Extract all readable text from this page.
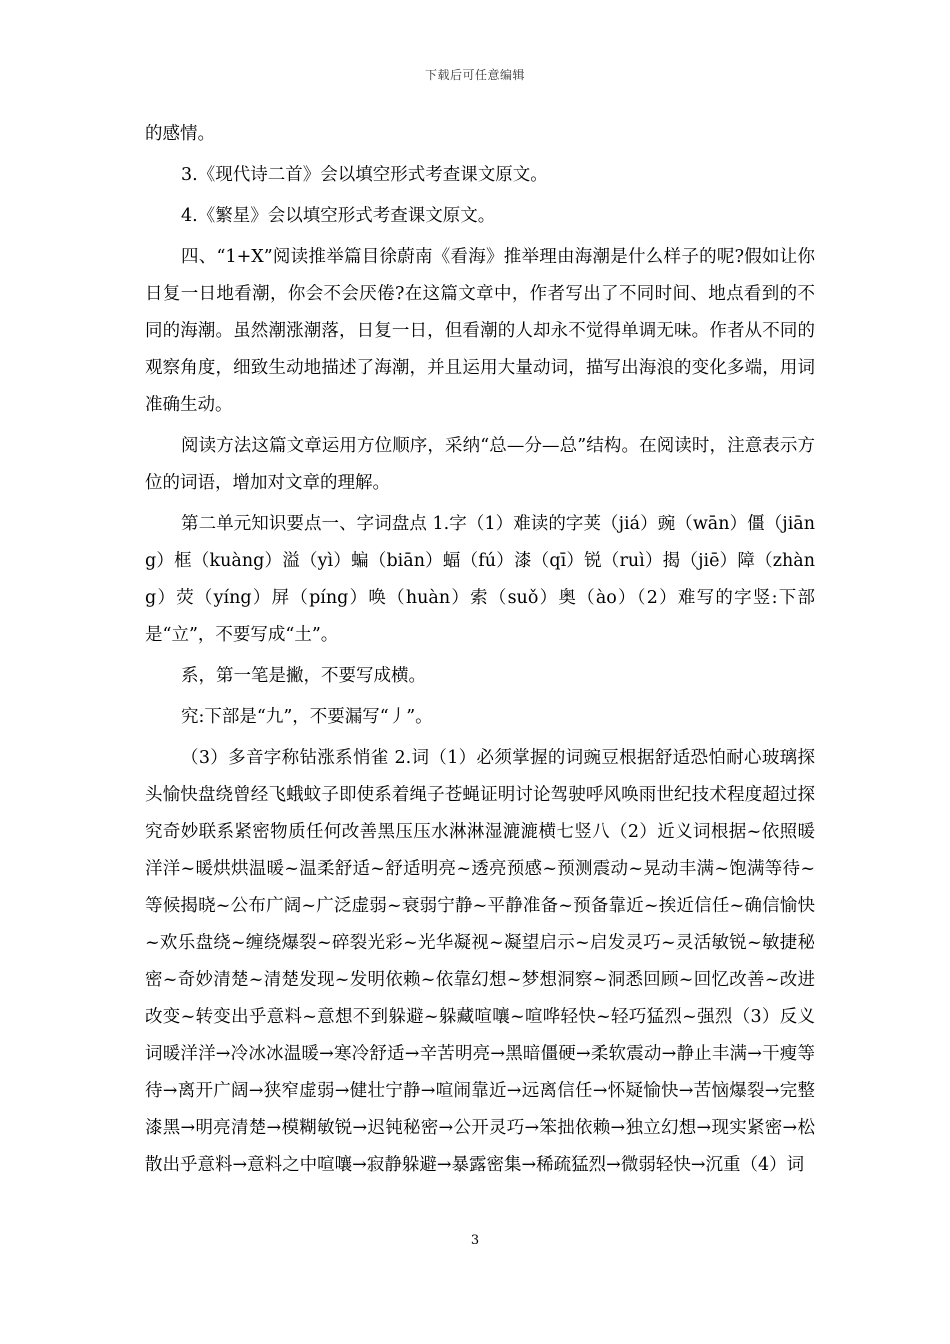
下载后可任意编辑

的感情。

3.《现代诗二首》会以填空形式考查课文原文。

4.《繁星》会以填空形式考查课文原文。

四、“1+X”阅读推举篇目徐蔚南《看海》推举理由海潮是什么样子的呢?假如让你日复一日地看潮，你会不会厌倦?在这篇文章中，作者写出了不同时间、地点看到的不同的海潮。虽然潮涨潮落，日复一日，但看潮的人却永不觉得单调无味。作者从不同的观察角度，细致生动地描述了海潮，并且运用大量动词，描写出海浪的变化多端，用词准确生动。

阅读方法这篇文章运用方位顺序，采纳“总—分—总”结构。在阅读时，注意表示方位的词语，增加对文章的理解。

第二单元知识要点一、字词盘点 1.字（1）难读的字荚（jiá）豌（wān）僵（jiāng）框（kuàng）溢（yì）蝙（biān）蝠（fú）漆（qī）锐（ruì）揭（jiē）障（zhàng）荧（yíng）屏（píng）唤（huàn）索（suǒ）奥（ào）（2）难写的字竖:下部是“立”，不要写成“土”。

系，第一笔是撇，不要写成横。

究:下部是“九”，不要漏写“丿”。

（3）多音字称钻涨系悄雀 2.词（1）必须掌握的词豌豆根据舒适恐怕耐心玻璃探头愉快盘绕曾经飞蛾蚊子即使系着绳子苍蝇证明讨论驾驶呼风唤雨世纪技术程度超过探究奇妙联系紧密物质任何改善黑压压水淋淋湿漉漉横七竖八（2）近义词根据~依照暖洋洋~暖烘烘温暖~温柔舒适~舒适明亮~透亮预感~预测震动~晃动丰满~饱满等待~等候揭晓~公布广阔~广泛虚弱~衰弱宁静~平静准备~预备靠近~挨近信任~确信愉快~欢乐盘绕~缠绕爆裂~碎裂光彩~光华凝视~凝望启示~启发灵巧~灵活敏锐~敏捷秘密~奇妙清楚~清楚发现~发明依赖~依靠幻想~梦想洞察~洞悉回顾~回忆改善~改进改变~转变出乎意料~意想不到躲避~躲藏喧嚷~喧哗轻快~轻巧猛烈~强烈（3）反义词暖洋洋→冷冰冰温暖→寒冷舒适→辛苦明亮→黑暗僵硬→柔软震动→静止丰满→干瘦等待→离开广阔→狭窄虚弱→健壮宁静→喧闹靠近→远离信任→怀疑愉快→苦恼爆裂→完整漆黑→明亮清楚→模糊敏锐→迟钝秘密→公开灵巧→笨拙依赖→独立幻想→现实紧密→松散出乎意料→意料之中喧嚷→寂静躲避→暴露密集→稀疏猛烈→微弱轻快→沉重（4）词

3
